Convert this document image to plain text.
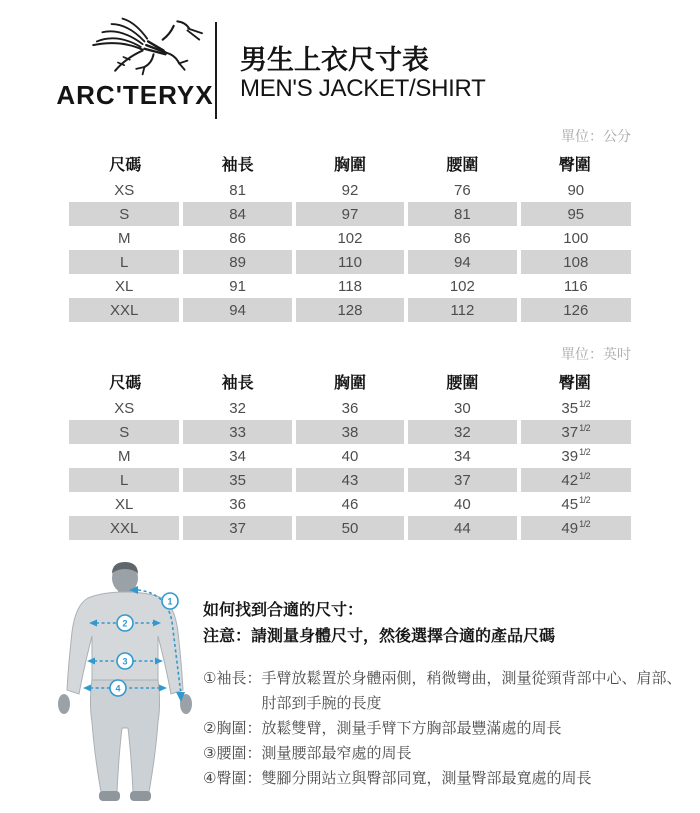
ARC'TERYX
男生上衣尺寸表
MEN'S JACKET/SHIRT
單位：公分
尺碼	袖長	胸圍	腰圍	臀圍
XS	81	92	76	90
S	84	97	81	95
M	86	102	86	100
L	89	110	94	108
XL	91	118	102	116
XXL	94	128	112	126
單位：英吋
尺碼	袖長	胸圍	腰圍	臀圍
XS	32	36	30	$35^{1/2}$
S	33	38	32	$37^{1/2}$
M	34	40	34	$39^{1/2}$
L	35	43	37	$42^{1/2}$
XL	36	46	40	$45^{1/2}$
XXL	37	50	44	$49^{1/2}$
1
2
3
4
如何找到合適的尺寸：
注意：請測量身體尺寸，然後選擇合適的產品尺碼
①袖長： 手臂放鬆置於身體兩側，稍微彎曲，測量從頸背部中心、肩部、肘部到手腕的長度
②胸圍： 放鬆雙臂，測量手臂下方胸部最豐滿處的周長
③腰圍： 測量腰部最窄處的周長
④臀圍： 雙腳分開站立與臀部同寬，測量臀部最寬處的周長
